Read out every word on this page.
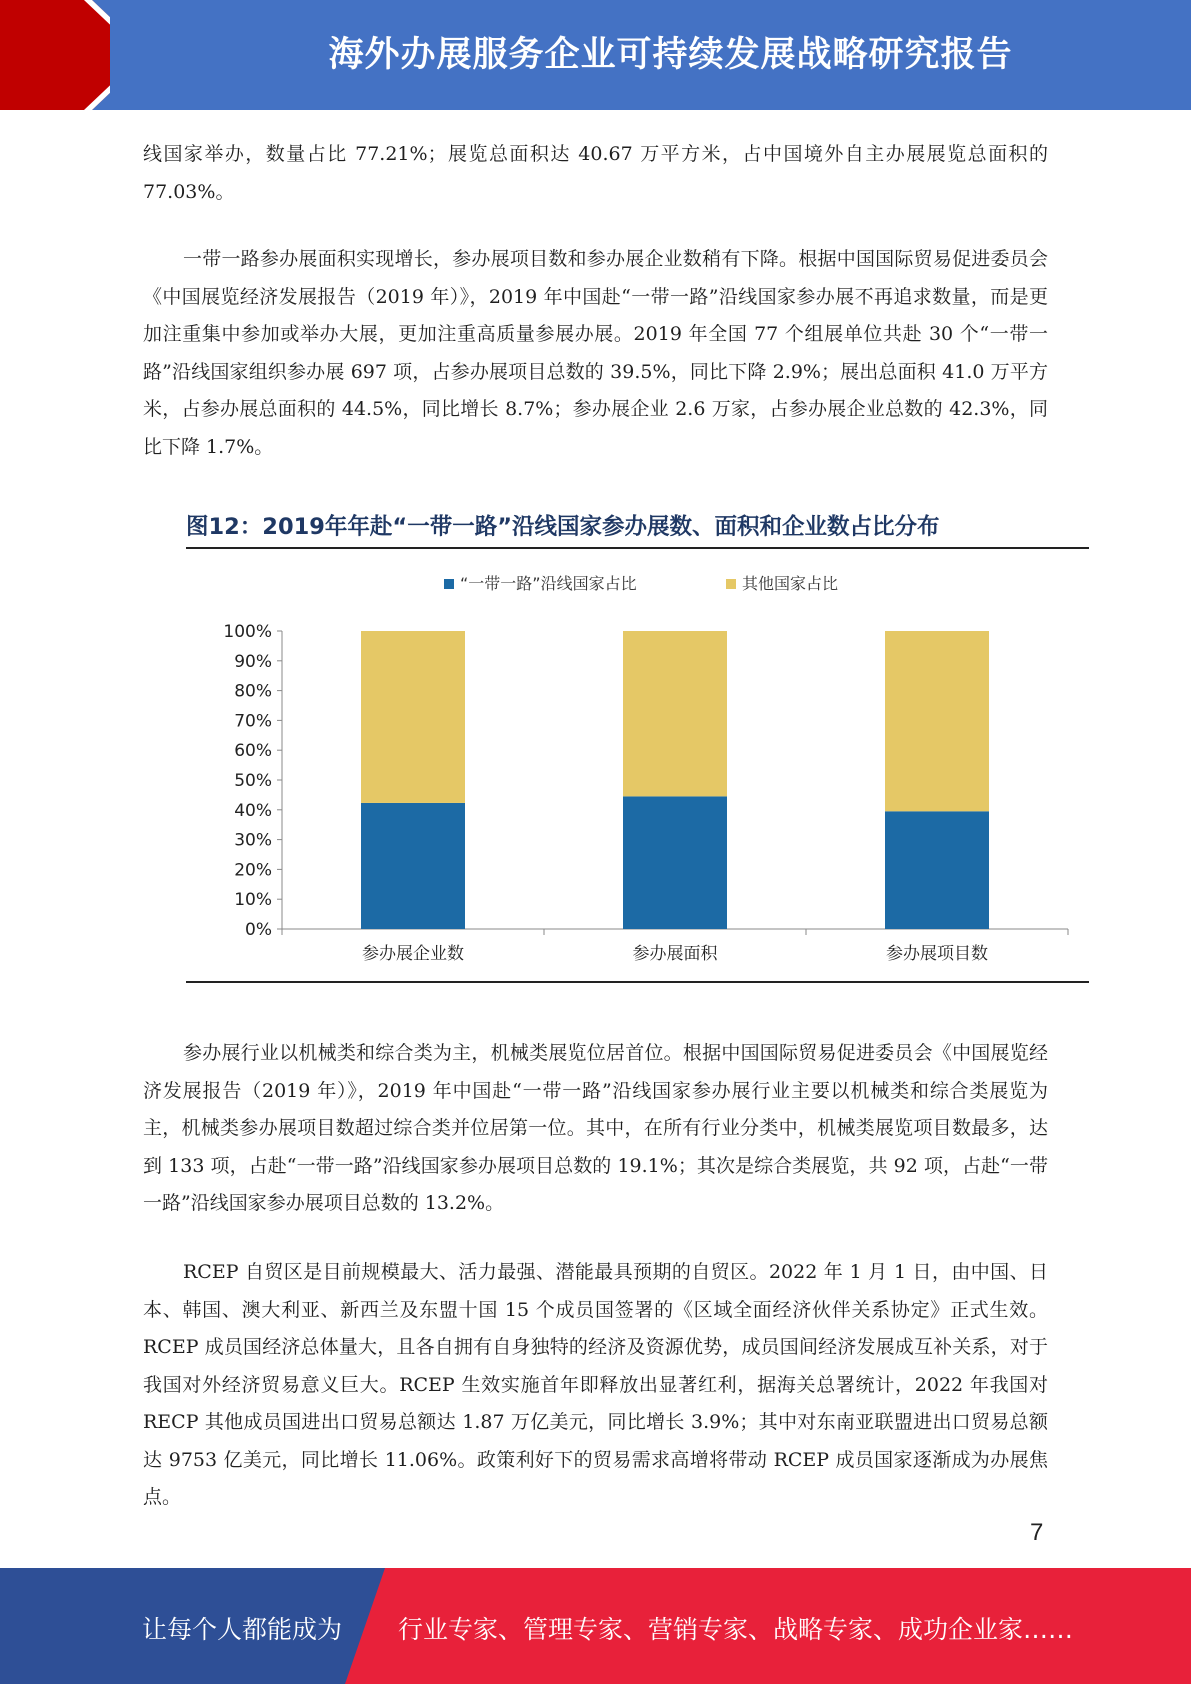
海外办展服务企业可持续发展战略研究报告

线国家举办，数量占比 77.21%；展览总面积达 40.67 万平方米，占中国境外自主办展展览总面积的 77.03%。

一带一路参办展面积实现增长，参办展项目数和参办展企业数稍有下降。根据中国国际贸易促进委员会《中国展览经济发展报告（2019 年）》，2019 年中国赴“一带一路”沿线国家参办展不再追求数量，而是更加注重集中参加或举办大展，更加注重高质量参展办展。2019 年全国 77 个组展单位共赴 30 个“一带一路”沿线国家组织参办展 697 项，占参办展项目总数的 39.5%，同比下降 2.9%；展出总面积 41.0 万平方米，占参办展总面积的 44.5%，同比增长 8.7%；参办展企业 2.6 万家，占参办展企业总数的 42.3%，同比下降 1.7%。

图12：2019年年赴“一带一路”沿线国家参办展数、面积和企业数占比分布
“一带一路”沿线国家占比	其他国家占比
0%
10%
20%
30%
40%
50%
60%
70%
80%
90%
100%
参办展企业数	参办展面积	参办展项目数

参办展行业以机械类和综合类为主，机械类展览位居首位。根据中国国际贸易促进委员会《中国展览经济发展报告（2019 年）》，2019 年中国赴“一带一路”沿线国家参办展行业主要以机械类和综合类展览为主，机械类参办展项目数超过综合类并位居第一位。其中，在所有行业分类中，机械类展览项目数最多，达到 133 项，占赴“一带一路”沿线国家参办展项目总数的 19.1%；其次是综合类展览，共 92 项，占赴“一带一路”沿线国家参办展项目总数的 13.2%。

RCEP 自贸区是目前规模最大、活力最强、潜能最具预期的自贸区。2022 年 1 月 1 日，由中国、日本、韩国、澳大利亚、新西兰及东盟十国 15 个成员国签署的《区域全面经济伙伴关系协定》正式生效。RCEP 成员国经济总体量大，且各自拥有自身独特的经济及资源优势，成员国间经济发展成互补关系，对于我国对外经济贸易意义巨大。RCEP 生效实施首年即释放出显著红利，据海关总署统计，2022 年我国对 RECP 其他成员国进出口贸易总额达 1.87 万亿美元，同比增长 3.9%；其中对东南亚联盟进出口贸易总额达 9753 亿美元，同比增长 11.06%。政策利好下的贸易需求高增将带动 RCEP 成员国家逐渐成为办展焦点。

7
让每个人都能成为 行业专家、管理专家、营销专家、战略专家、成功企业家……
